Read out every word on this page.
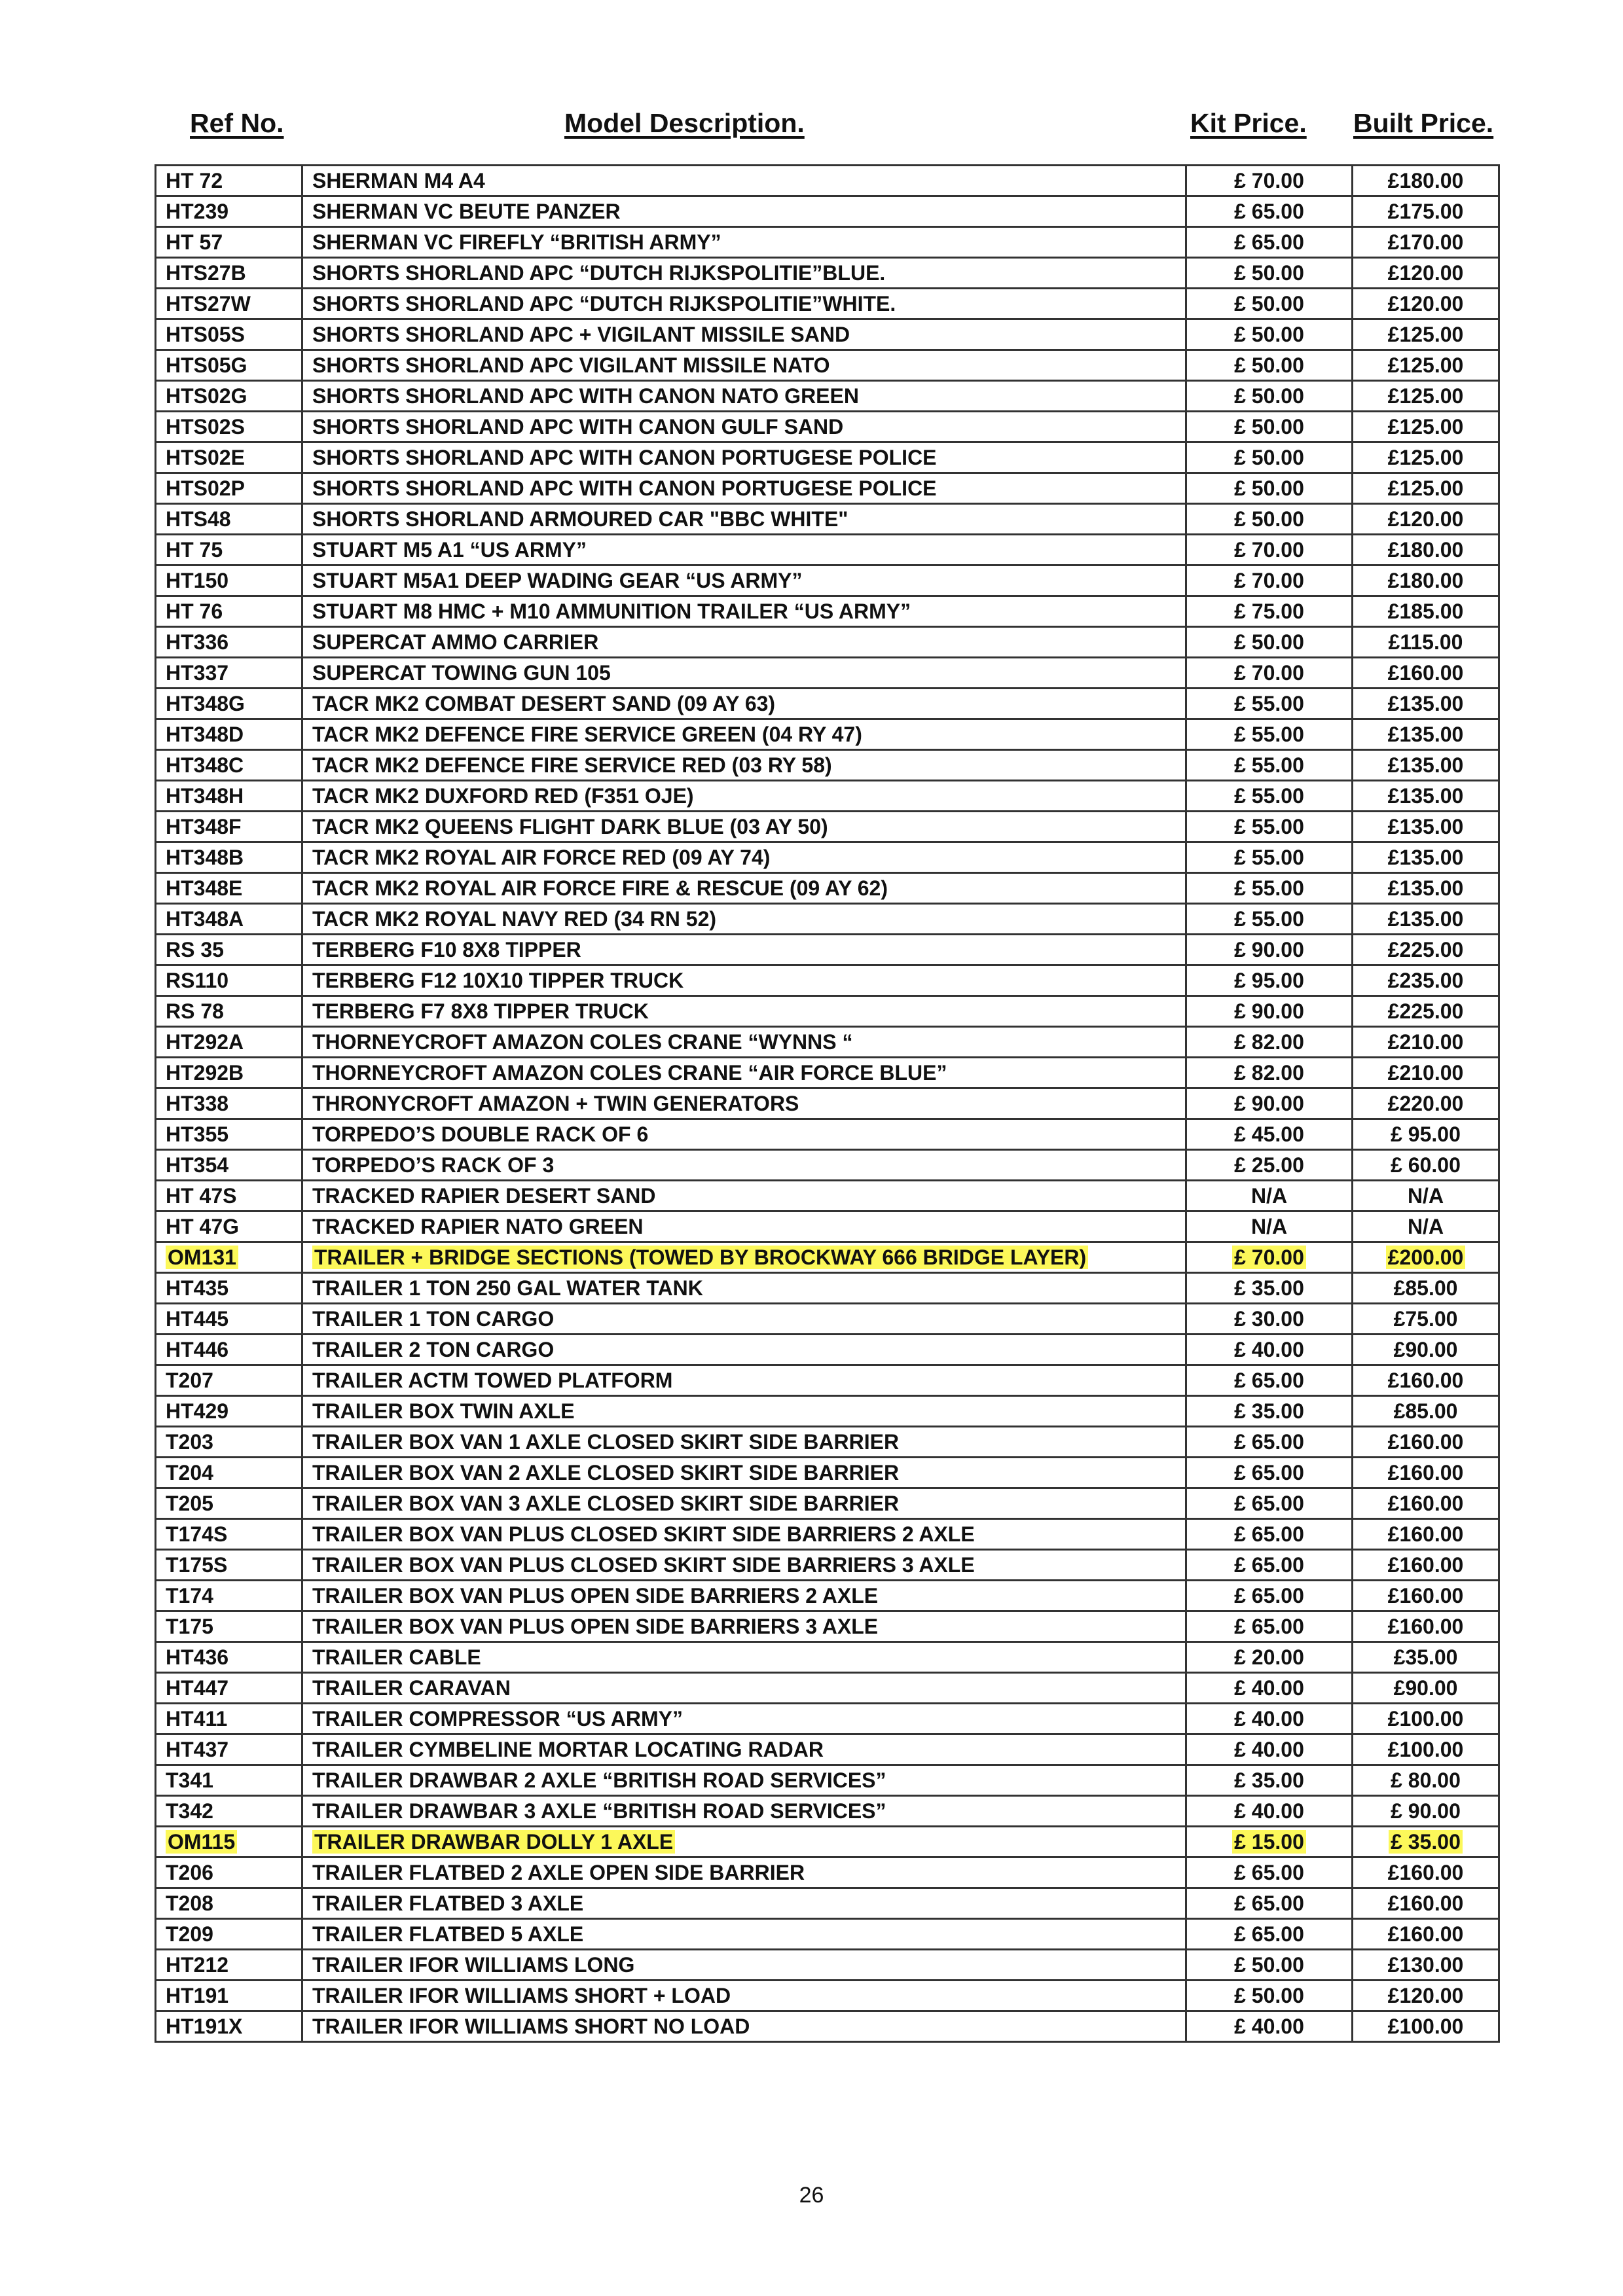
Ref No.	Model Description.	Kit Price. Built Price.
HT 72	SHERMAN M4 A4	£ 70.00	£180.00
HT239	SHERMAN VC BEUTE PANZER	£ 65.00	£175.00
HT 57	SHERMAN VC FIREFLY “BRITISH ARMY”	£ 65.00	£170.00
HTS27B	SHORTS SHORLAND APC “DUTCH RIJKSPOLITIE”BLUE.	£ 50.00	£120.00
HTS27W	SHORTS SHORLAND APC “DUTCH RIJKSPOLITIE”WHITE.	£ 50.00	£120.00
HTS05S	SHORTS SHORLAND APC + VIGILANT MISSILE SAND	£ 50.00	£125.00
HTS05G	SHORTS SHORLAND APC VIGILANT MISSILE NATO	£ 50.00	£125.00
HTS02G	SHORTS SHORLAND APC WITH CANON NATO GREEN	£ 50.00	£125.00
HTS02S	SHORTS SHORLAND APC WITH CANON GULF SAND	£ 50.00	£125.00
HTS02E	SHORTS SHORLAND APC WITH CANON PORTUGESE POLICE	£ 50.00	£125.00
HTS02P	SHORTS SHORLAND APC WITH CANON PORTUGESE POLICE	£ 50.00	£125.00
HTS48	SHORTS SHORLAND ARMOURED CAR "BBC WHITE"	£ 50.00	£120.00
HT 75	STUART M5 A1 “US ARMY”	£ 70.00	£180.00
HT150	STUART M5A1 DEEP WADING GEAR “US ARMY”	£ 70.00	£180.00
HT 76	STUART M8 HMC + M10 AMMUNITION TRAILER “US ARMY”	£ 75.00	£185.00
HT336	SUPERCAT AMMO CARRIER	£ 50.00	£115.00
HT337	SUPERCAT TOWING GUN 105	£ 70.00	£160.00
HT348G	TACR MK2 COMBAT DESERT SAND (09 AY 63)	£ 55.00	£135.00
HT348D	TACR MK2 DEFENCE FIRE SERVICE GREEN (04 RY 47)	£ 55.00	£135.00
HT348C	TACR MK2 DEFENCE FIRE SERVICE RED (03 RY 58)	£ 55.00	£135.00
HT348H	TACR MK2 DUXFORD RED (F351 OJE)	£ 55.00	£135.00
HT348F	TACR MK2 QUEENS FLIGHT DARK BLUE (03 AY 50)	£ 55.00	£135.00
HT348B	TACR MK2 ROYAL AIR FORCE RED (09 AY 74)	£ 55.00	£135.00
HT348E	TACR MK2 ROYAL AIR FORCE FIRE & RESCUE (09 AY 62)	£ 55.00	£135.00
HT348A	TACR MK2 ROYAL NAVY RED (34 RN 52)	£ 55.00	£135.00
RS 35	TERBERG F10 8X8 TIPPER	£ 90.00	£225.00
RS110	TERBERG F12 10X10 TIPPER TRUCK	£ 95.00	£235.00
RS 78	TERBERG F7 8X8 TIPPER TRUCK	£ 90.00	£225.00
HT292A	THORNEYCROFT AMAZON COLES CRANE “WYNNS “	£ 82.00	£210.00
HT292B	THORNEYCROFT AMAZON COLES CRANE “AIR FORCE BLUE”	£ 82.00	£210.00
HT338	THRONYCROFT AMAZON + TWIN GENERATORS	£ 90.00	£220.00
HT355	TORPEDO’S DOUBLE RACK OF 6	£ 45.00	£ 95.00
HT354	TORPEDO’S RACK OF 3	£ 25.00	£ 60.00
HT 47S	TRACKED RAPIER DESERT SAND	N/A	N/A
HT 47G	TRACKED RAPIER NATO GREEN	N/A	N/A
OM131	TRAILER + BRIDGE SECTIONS (TOWED BY BROCKWAY 666 BRIDGE LAYER)	£ 70.00	£200.00
HT435	TRAILER 1 TON 250 GAL WATER TANK	£ 35.00	£85.00
HT445	TRAILER 1 TON CARGO	£ 30.00	£75.00
HT446	TRAILER 2 TON CARGO	£ 40.00	£90.00
T207	TRAILER ACTM TOWED PLATFORM	£ 65.00	£160.00
HT429	TRAILER BOX TWIN AXLE	£ 35.00	£85.00
T203	TRAILER BOX VAN 1 AXLE CLOSED SKIRT SIDE BARRIER	£ 65.00	£160.00
T204	TRAILER BOX VAN 2 AXLE CLOSED SKIRT SIDE BARRIER	£ 65.00	£160.00
T205	TRAILER BOX VAN 3 AXLE CLOSED SKIRT SIDE BARRIER	£ 65.00	£160.00
T174S	TRAILER BOX VAN PLUS CLOSED SKIRT SIDE BARRIERS 2 AXLE	£ 65.00	£160.00
T175S	TRAILER BOX VAN PLUS CLOSED SKIRT SIDE BARRIERS 3 AXLE	£ 65.00	£160.00
T174	TRAILER BOX VAN PLUS OPEN SIDE BARRIERS 2 AXLE	£ 65.00	£160.00
T175	TRAILER BOX VAN PLUS OPEN SIDE BARRIERS 3 AXLE	£ 65.00	£160.00
HT436	TRAILER CABLE	£ 20.00	£35.00
HT447	TRAILER CARAVAN	£ 40.00	£90.00
HT411	TRAILER COMPRESSOR “US ARMY”	£ 40.00	£100.00
HT437	TRAILER CYMBELINE MORTAR LOCATING RADAR	£ 40.00	£100.00
T341	TRAILER DRAWBAR 2 AXLE “BRITISH ROAD SERVICES”	£ 35.00	£ 80.00
T342	TRAILER DRAWBAR 3 AXLE “BRITISH ROAD SERVICES”	£ 40.00	£ 90.00
OM115	TRAILER DRAWBAR DOLLY 1 AXLE	£ 15.00	£ 35.00
T206	TRAILER FLATBED 2 AXLE OPEN SIDE BARRIER	£ 65.00	£160.00
T208	TRAILER FLATBED 3 AXLE	£ 65.00	£160.00
T209	TRAILER FLATBED 5 AXLE	£ 65.00	£160.00
HT212	TRAILER IFOR WILLIAMS LONG	£ 50.00	£130.00
HT191	TRAILER IFOR WILLIAMS SHORT + LOAD	£ 50.00	£120.00
HT191X	TRAILER IFOR WILLIAMS SHORT NO LOAD	£ 40.00	£100.00
26
